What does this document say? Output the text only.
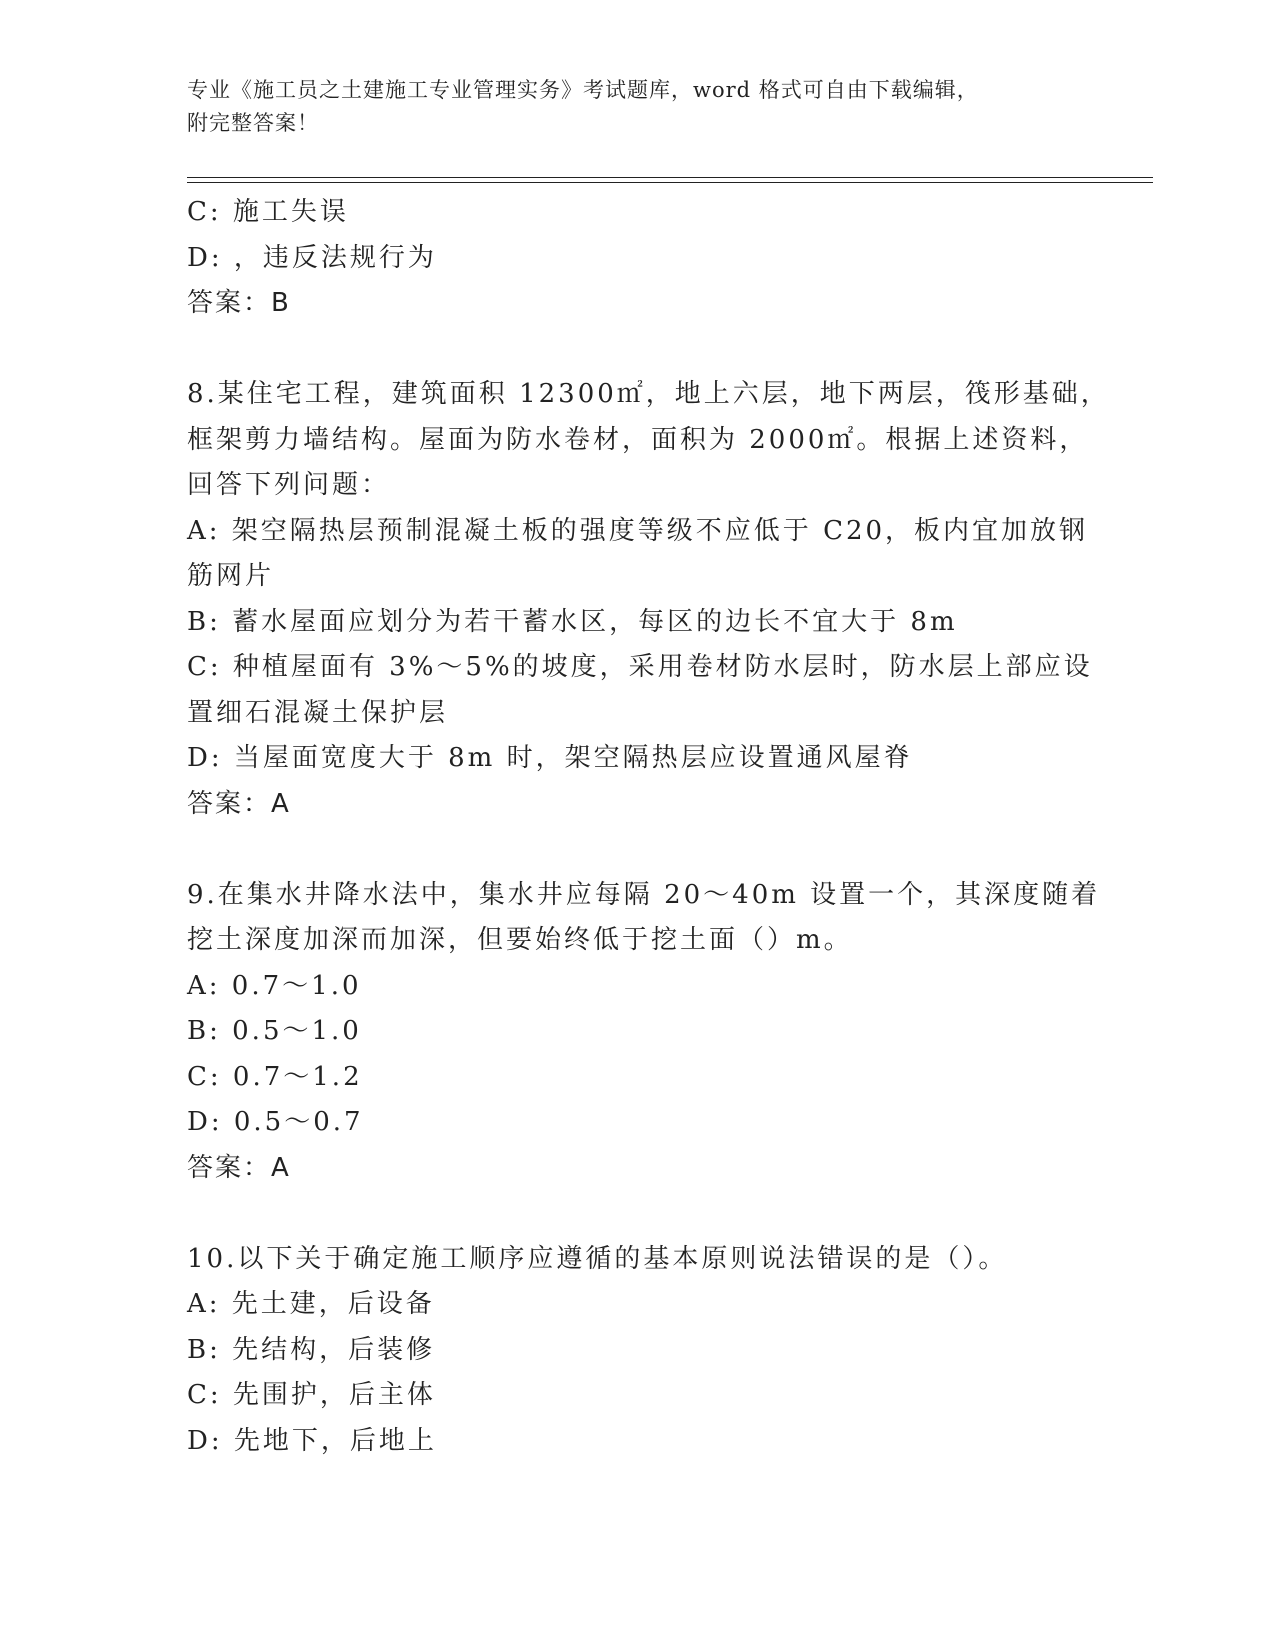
专业《施工员之土建施工专业管理实务》考试题库，word 格式可自由下载编辑，
附完整答案！
C: 施工失误
D: ，违反法规行为
答案：B
8.某住宅工程，建筑面积 12300㎡，地上六层，地下两层，筏形基础，
框架剪力墙结构。屋面为防水卷材，面积为 2000㎡。根据上述资料，
回答下列问题：
A: 架空隔热层预制混凝土板的强度等级不应低于 C20，板内宜加放钢
筋网片
B: 蓄水屋面应划分为若干蓄水区，每区的边长不宜大于 8m
C: 种植屋面有 3%～5%的坡度，采用卷材防水层时，防水层上部应设
置细石混凝土保护层
D: 当屋面宽度大于 8m 时，架空隔热层应设置通风屋脊
答案：A
9.在集水井降水法中，集水井应每隔 20～40m 设置一个，其深度随着
挖土深度加深而加深，但要始终低于挖土面（）m。
A: 0.7～1.0
B: 0.5～1.0
C: 0.7～1.2
D: 0.5～0.7
答案：A
10.以下关于确定施工顺序应遵循的基本原则说法错误的是（）。
A: 先土建，后设备
B: 先结构，后装修
C: 先围护，后主体
D: 先地下，后地上
